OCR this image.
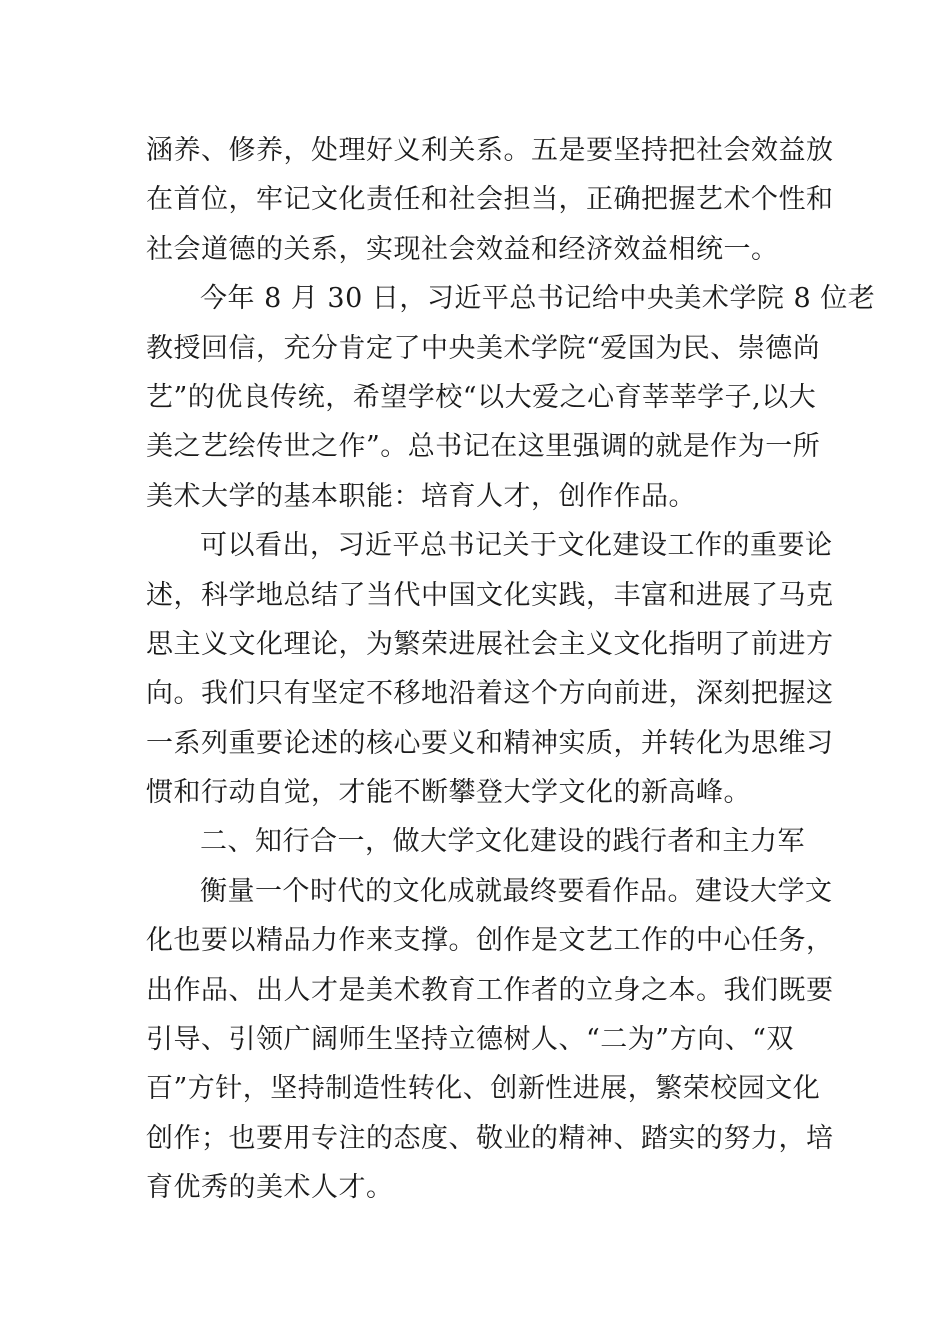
涵养、修养，处理好义利关系。五是要坚持把社会效益放
在首位，牢记文化责任和社会担当，正确把握艺术个性和
社会道德的关系，实现社会效益和经济效益相统一。
今年 8 月 30 日，习近平总书记给中央美术学院 8 位老
教授回信，充分肯定了中央美术学院“爱国为民、崇德尚
艺”的优良传统，希望学校“以大爱之心育莘莘学子,以大
美之艺绘传世之作”。总书记在这里强调的就是作为一所
美术大学的基本职能：培育人才，创作作品。
可以看出，习近平总书记关于文化建设工作的重要论
述，科学地总结了当代中国文化实践，丰富和进展了马克
思主义文化理论，为繁荣进展社会主义文化指明了前进方
向。我们只有坚定不移地沿着这个方向前进，深刻把握这
一系列重要论述的核心要义和精神实质，并转化为思维习
惯和行动自觉，才能不断攀登大学文化的新高峰。
二、知行合一，做大学文化建设的践行者和主力军
衡量一个时代的文化成就最终要看作品。建设大学文
化也要以精品力作来支撑。创作是文艺工作的中心任务，
出作品、出人才是美术教育工作者的立身之本。我们既要
引导、引领广阔师生坚持立德树人、“二为”方向、“双
百”方针，坚持制造性转化、创新性进展，繁荣校园文化
创作；也要用专注的态度、敬业的精神、踏实的努力，培
育优秀的美术人才。
